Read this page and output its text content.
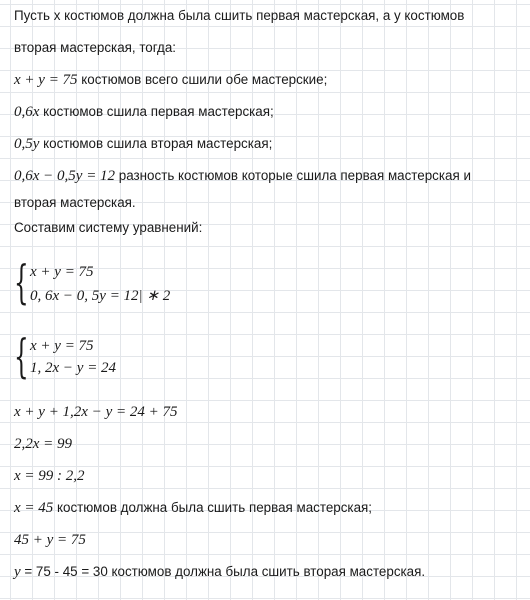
Пусть x костюмов должна была сшить первая мастерская, а y костюмов
вторая мастерская, тогда:
x + y = 75 костюмов всего сшили обе мастерские;
0,6x костюмов сшила первая мастерская;
0,5y костюмов сшила вторая мастерская;
0,6x − 0,5y = 12 разность костюмов которые сшила первая мастерская и
вторая мастерская.
Составим систему уравнений:
{ x + y = 75
0, 6x − 0, 5y = 12| ∗ 2
{ x + y = 75
1, 2x − y = 24
x + y + 1,2x − y = 24 + 75
2,2x = 99
x = 99 : 2,2
x = 45 костюмов должна была сшить первая мастерская;
45 + y = 75
y = 75 - 45 = 30 костюмов должна была сшить вторая мастерская.
